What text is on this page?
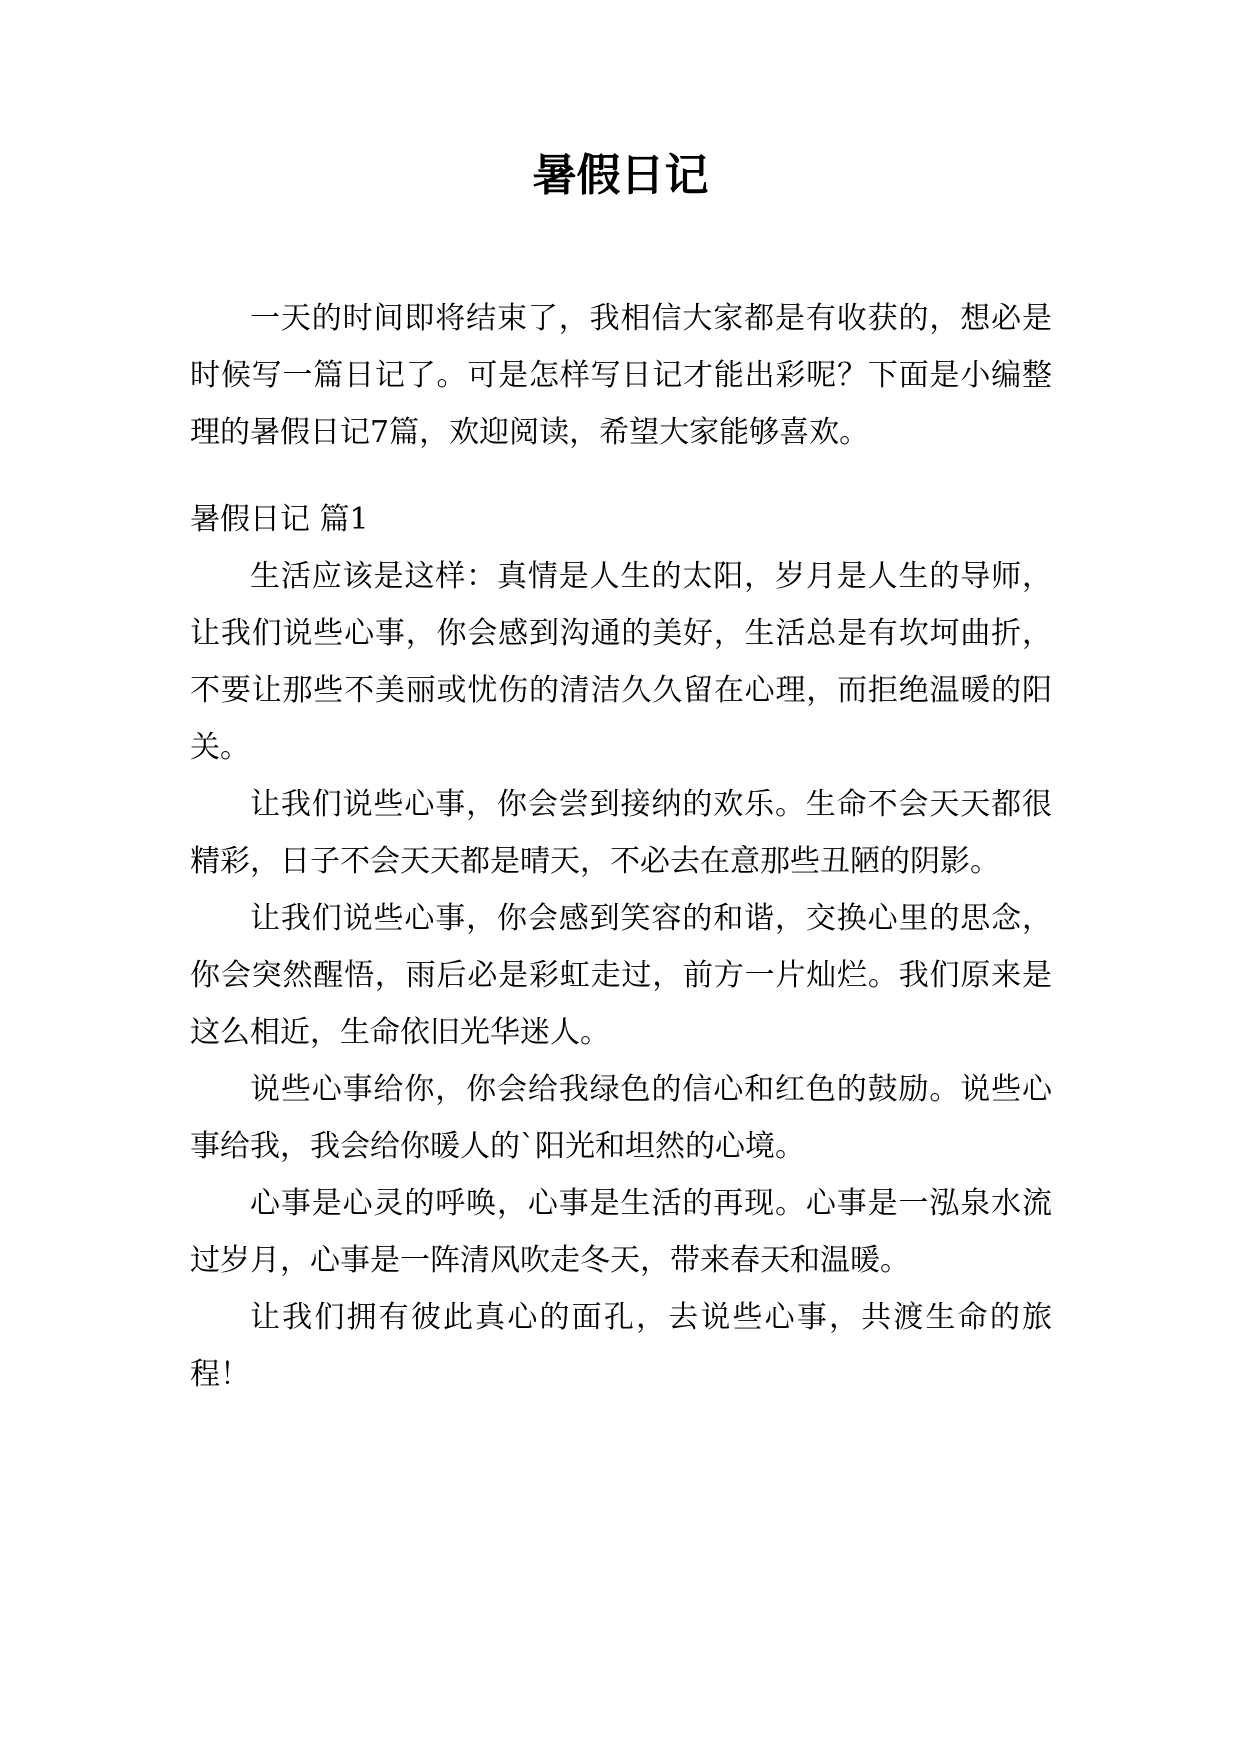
暑假日记

一天的时间即将结束了，我相信大家都是有收获的，想必是时候写一篇日记了。可是怎样写日记才能出彩呢？下面是小编整理的暑假日记7篇，欢迎阅读，希望大家能够喜欢。

暑假日记 篇1

生活应该是这样：真情是人生的太阳，岁月是人生的导师，让我们说些心事，你会感到沟通的美好，生活总是有坎坷曲折，不要让那些不美丽或忧伤的清洁久久留在心理，而拒绝温暖的阳关。

让我们说些心事，你会尝到接纳的欢乐。生命不会天天都很精彩，日子不会天天都是晴天，不必去在意那些丑陋的阴影。

让我们说些心事，你会感到笑容的和谐，交换心里的思念，你会突然醒悟，雨后必是彩虹走过，前方一片灿烂。我们原来是这么相近，生命依旧光华迷人。

说些心事给你，你会给我绿色的信心和红色的鼓励。说些心事给我，我会给你暖人的`阳光和坦然的心境。

心事是心灵的呼唤，心事是生活的再现。心事是一泓泉水流过岁月，心事是一阵清风吹走冬天，带来春天和温暖。

让我们拥有彼此真心的面孔，去说些心事，共渡生命的旅程！
